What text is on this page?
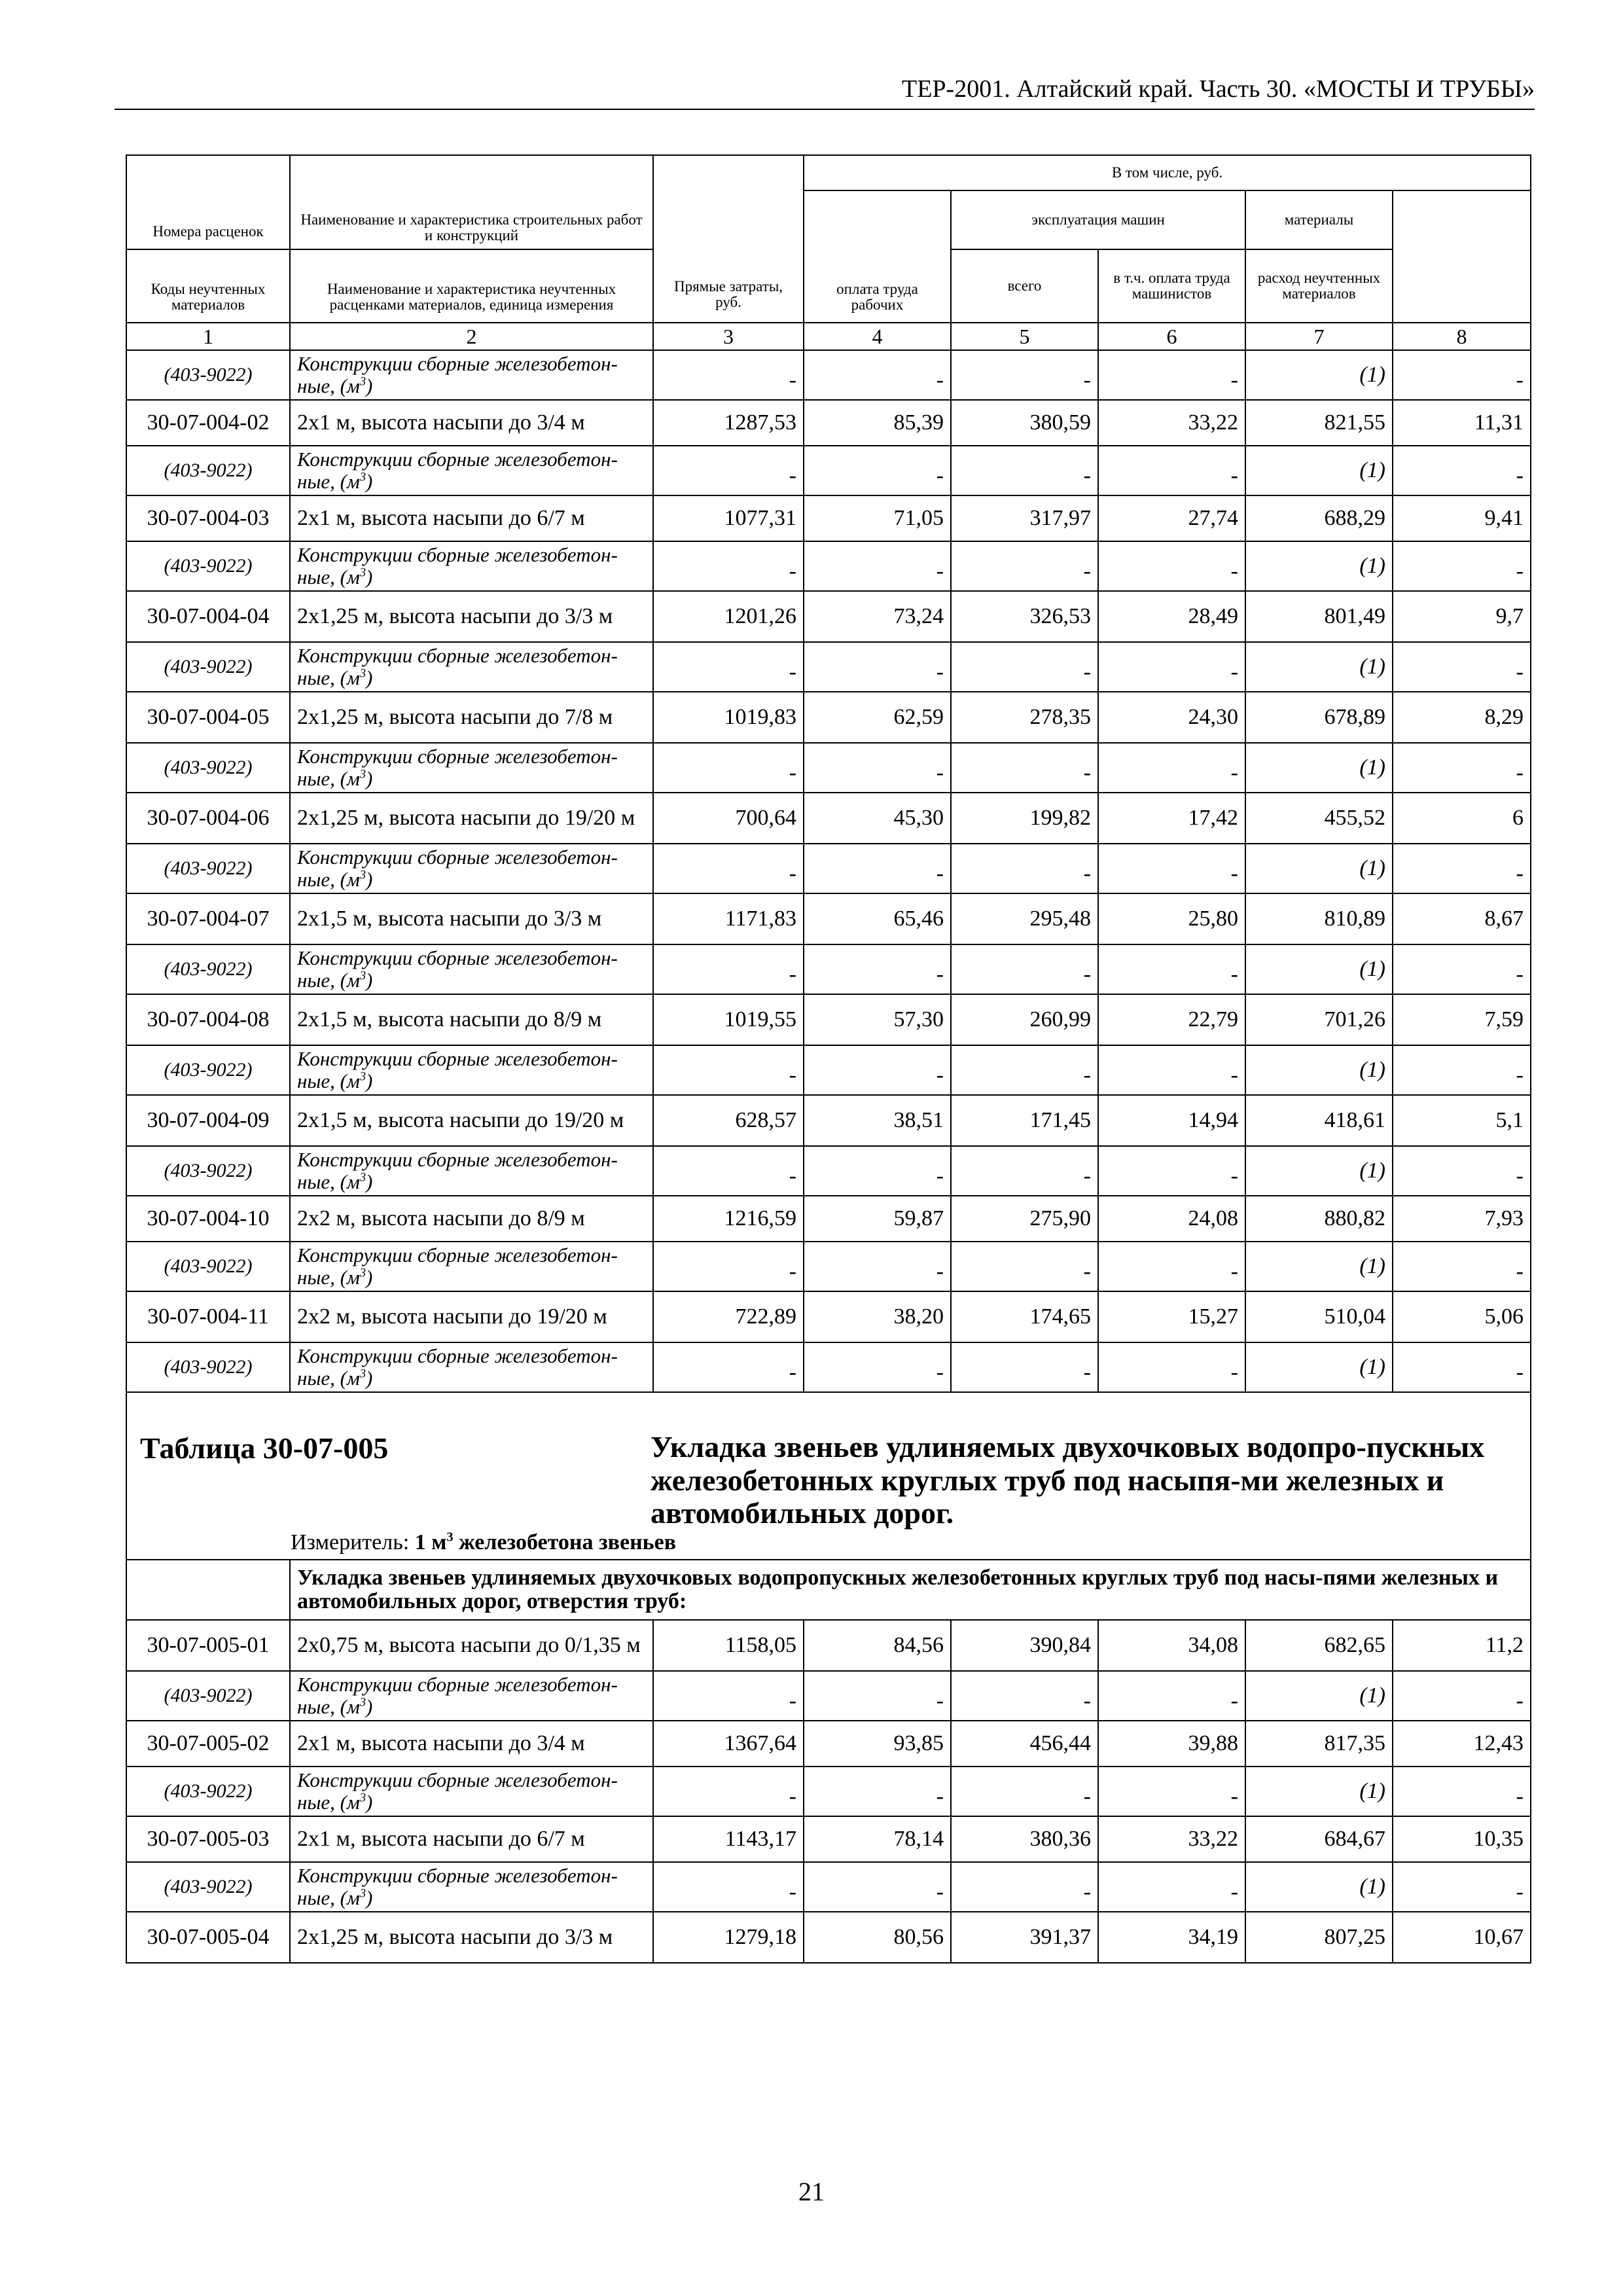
ТЕР-2001. Алтайский край. Часть 30. «МОСТЫ И ТРУБЫ»
Номера расценок	Наименование и характеристика строительных работ и конструкций	Прямые затраты, руб.	В том числе, руб.	
			оплата труда рабочих	эксплуатация машин		материалы		
Коды неучтенных материалов	Наименование и характеристика неучтенных расценками материалов, единица измерения			всего	в т.ч. оплата труда машинистов	расход неучтенных материалов		
1	2	3	4	5	6	7	8	
(403-9022)	Конструкции сборные железобетон-ные, $(м^3)$	-	-	-	-	(1)	-	
30-07-004-02	2х1 м, высота насыпи до 3/4 м	1287,53	85,39	380,59	33,22	821,55	11,31	
(403-9022)	Конструкции сборные железобетон-ные, $(м^3)$	-	-	-	-	(1)	-	
30-07-004-03	2х1 м, высота насыпи до 6/7 м	1077,31	71,05	317,97	27,74	688,29	9,41	
(403-9022)	Конструкции сборные железобетон-ные, $(м^3)$	-	-	-	-	(1)	-	
30-07-004-04	2х1,25 м, высота насыпи до 3/3 м	1201,26	73,24	326,53	28,49	801,49	9,7	
(403-9022)	Конструкции сборные железобетон-ные, $(м^3)$	-	-	-	-	(1)	-	
30-07-004-05	2х1,25 м, высота насыпи до 7/8 м	1019,83	62,59	278,35	24,30	678,89	8,29	
(403-9022)	Конструкции сборные железобетон-ные, $(м^3)$	-	-	-	-	(1)	-	
30-07-004-06	2х1,25 м, высота насыпи до 19/20 м	700,64	45,30	199,82	17,42	455,52	6	
(403-9022)	Конструкции сборные железобетон-ные, $(м^3)$	-	-	-	-	(1)	-	
30-07-004-07	2х1,5 м, высота насыпи до 3/3 м	1171,83	65,46	295,48	25,80	810,89	8,67	
(403-9022)	Конструкции сборные железобетон-ные, $(м^3)$	-	-	-	-	(1)	-	
30-07-004-08	2х1,5 м, высота насыпи до 8/9 м	1019,55	57,30	260,99	22,79	701,26	7,59	
(403-9022)	Конструкции сборные железобетон-ные, $(м^3)$	-	-	-	-	(1)	-	
30-07-004-09	2х1,5 м, высота насыпи до 19/20 м	628,57	38,51	171,45	14,94	418,61	5,1	
(403-9022)	Конструкции сборные железобетон-ные, $(м^3)$	-	-	-	-	(1)	-	
30-07-004-10	2х2 м, высота насыпи до 8/9 м	1216,59	59,87	275,90	24,08	880,82	7,93	
(403-9022)	Конструкции сборные железобетон-ные, $(м^3)$	-	-	-	-	(1)	-	
30-07-004-11	2х2 м, высота насыпи до 19/20 м	722,89	38,20	174,65	15,27	510,04	5,06	
(403-9022)	Конструкции сборные железобетон-ные, $(м^3)$	-	-	-	-	(1)	-	

Таблица 30-07-005 Укладка звеньев удлиняемых двухочковых водопро-пускных железобетонных круглых труб под насыпя-ми железных и автомобильных дорог.
Измеритель: 1 $м^3$ железобетона звеньев								

	Укладка звеньев удлиняемых двухочковых водопропускных железобетонных круглых труб под насы-пями железных и автомобильных дорог, отверстия труб:							
30-07-005-01	2х0,75 м, высота насыпи до 0/1,35 м	1158,05	84,56	390,84	34,08	682,65	11,2	
(403-9022)	Конструкции сборные железобетон-ные, $(м^3)$	-	-	-	-	(1)	-	
30-07-005-02	2х1 м, высота насыпи до 3/4 м	1367,64	93,85	456,44	39,88	817,35	12,43	
(403-9022)	Конструкции сборные железобетон-ные, $(м^3)$	-	-	-	-	(1)	-	
30-07-005-03	2х1 м, высота насыпи до 6/7 м	1143,17	78,14	380,36	33,22	684,67	10,35	
(403-9022)	Конструкции сборные железобетон-ные, $(м^3)$	-	-	-	-	(1)	-	
30-07-005-04	2х1,25 м, высота насыпи до 3/3 м	1279,18	80,56	391,37	34,19	807,25	10,67	
21
